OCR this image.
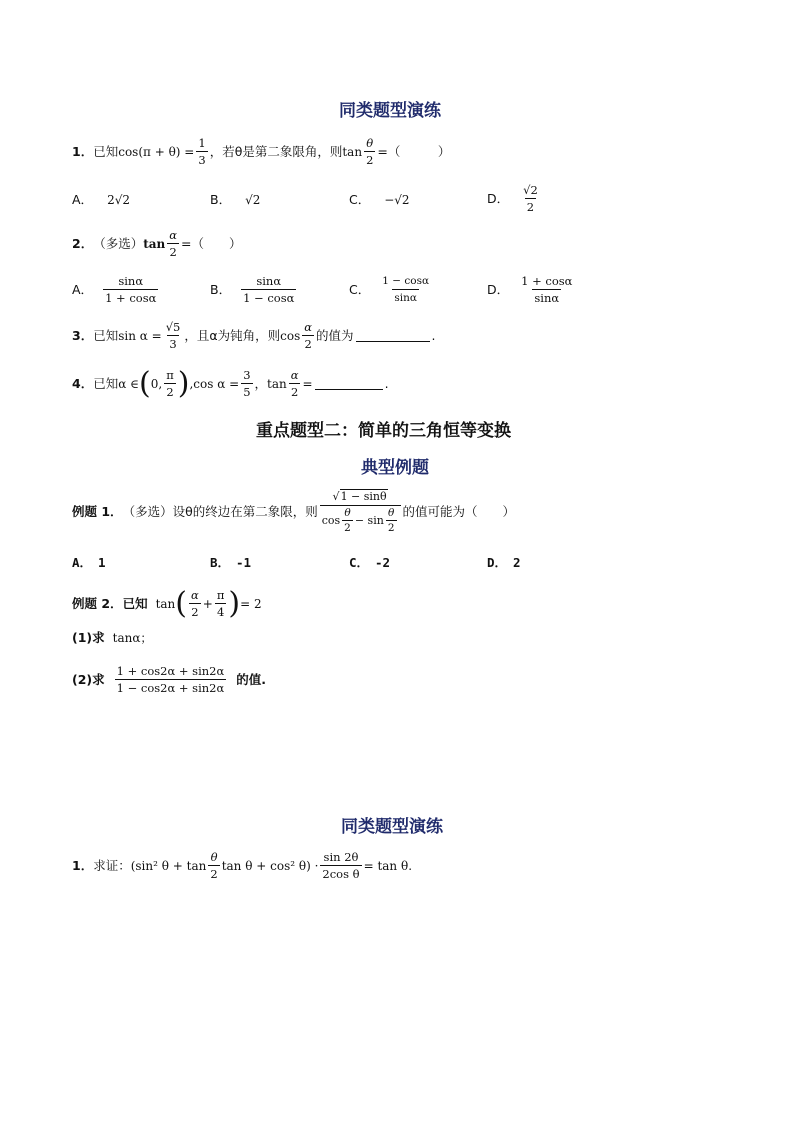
同类题型演练
1． 已知 $\cos(\pi + \theta) = \frac{1}{3}$ ，若θ是第二象限角，则 $\tan \frac{\theta}{2}$ =（　　　）
A． 2√2	B． √2	C． −√2	D． $\frac{√2}{2}$
2． （多选） $\tan \frac{\alpha}{2}$ =（　　）
A． $\frac{\sin\alpha}{1 + \cos\alpha}$	B． $\frac{\sin\alpha}{1 - \cos\alpha}$	C． $\frac{1 - \cos\alpha}{\sin\alpha}$	D． $\frac{1 + \cos\alpha}{\sin\alpha}$
3． 已知 $\sin \alpha = \frac{√5}{3}$ ，且α为钝角，则 $\cos \frac{\alpha}{2}$ 的值为	.
4． 已知 α ∈ ( 0, $\frac{\pi}{2}$ ) ,cos $\alpha = \frac{3}{5}$ ， $\tan \frac{\alpha}{2}$ =	.
重点题型二：简单的三角恒等变换
典型例题
例题 1． （多选）设θ的终边在第二象限，则 $\frac{√1 - \sin\theta}{\cos \frac{\theta}{2} - \sin \frac{\theta}{2}}$ 的值可能为（　　）
A． 1	B． -1	C． -2	D． 2
例题 2． 已知 tan ( $\frac{\alpha}{2} + \frac{\pi}{4}$ ) = 2
(1)求 tanα；
(2)求 $\frac{1 + \cos 2\alpha + \sin 2\alpha}{1 - \cos 2\alpha + \sin 2\alpha}$ 的值.
同类题型演练
1． 求证： (sin² $\theta + \tan \frac{\theta}{2}$ tan θ + cos² $\theta) \cdot \frac{\sin 2\theta}{\text{2cos θ}} = \tan \theta$.
